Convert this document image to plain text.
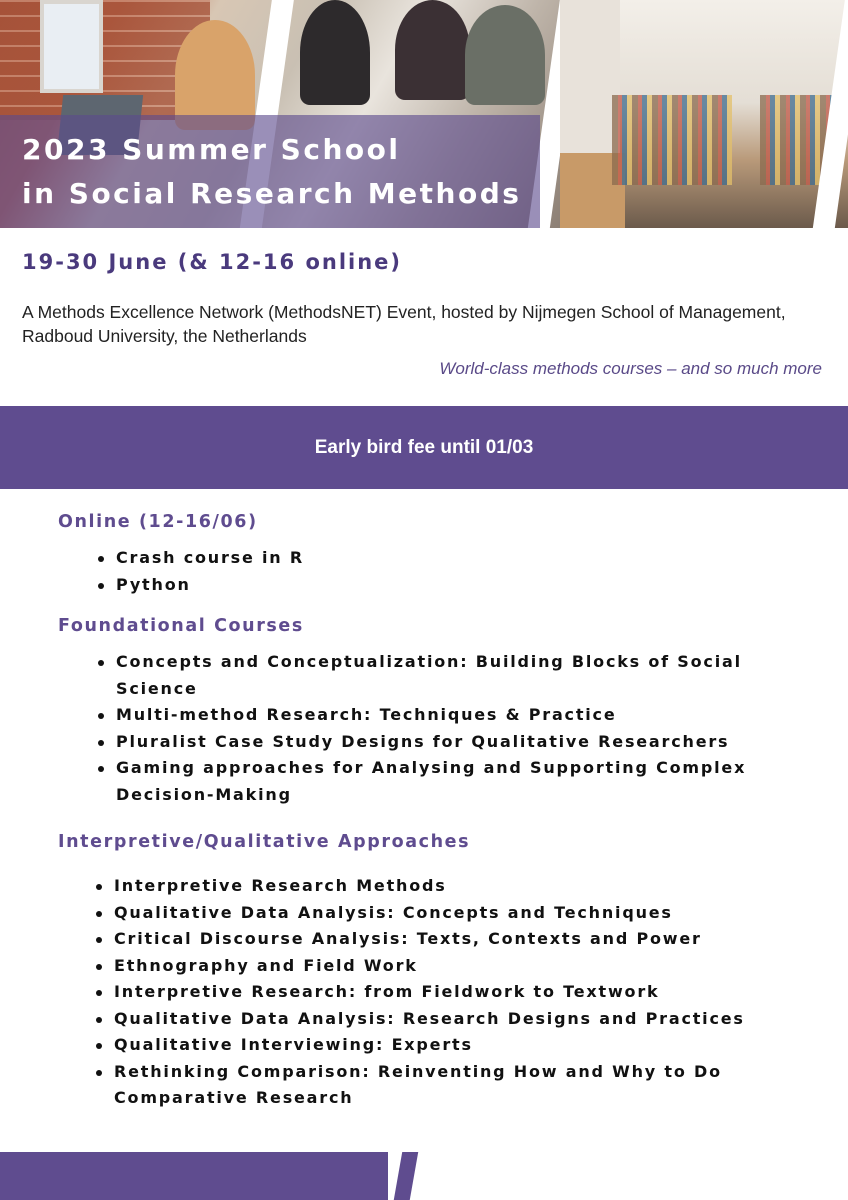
2023 Summer School
in Social Research Methods
19-30 June (& 12-16 online)

A Methods Excellence Network (MethodsNET) Event, hosted by Nijmegen School of Management, Radboud University, the Netherlands

World-class methods courses – and so much more

Early bird fee until 01/03
Online (12-16/06)
Crash course in R
Python
Foundational Courses
Concepts and Conceptualization: Building Blocks of Social Science
Multi-method Research: Techniques & Practice
Pluralist Case Study Designs for Qualitative Researchers
Gaming approaches for Analysing and Supporting Complex Decision-Making
Interpretive/Qualitative Approaches
Interpretive Research Methods
Qualitative Data Analysis: Concepts and Techniques
Critical Discourse Analysis: Texts, Contexts and Power
Ethnography and Field Work
Interpretive Research: from Fieldwork to Textwork
Qualitative Data Analysis: Research Designs and Practices
Qualitative Interviewing: Experts
Rethinking Comparison: Reinventing How and Why to Do Comparative Research
